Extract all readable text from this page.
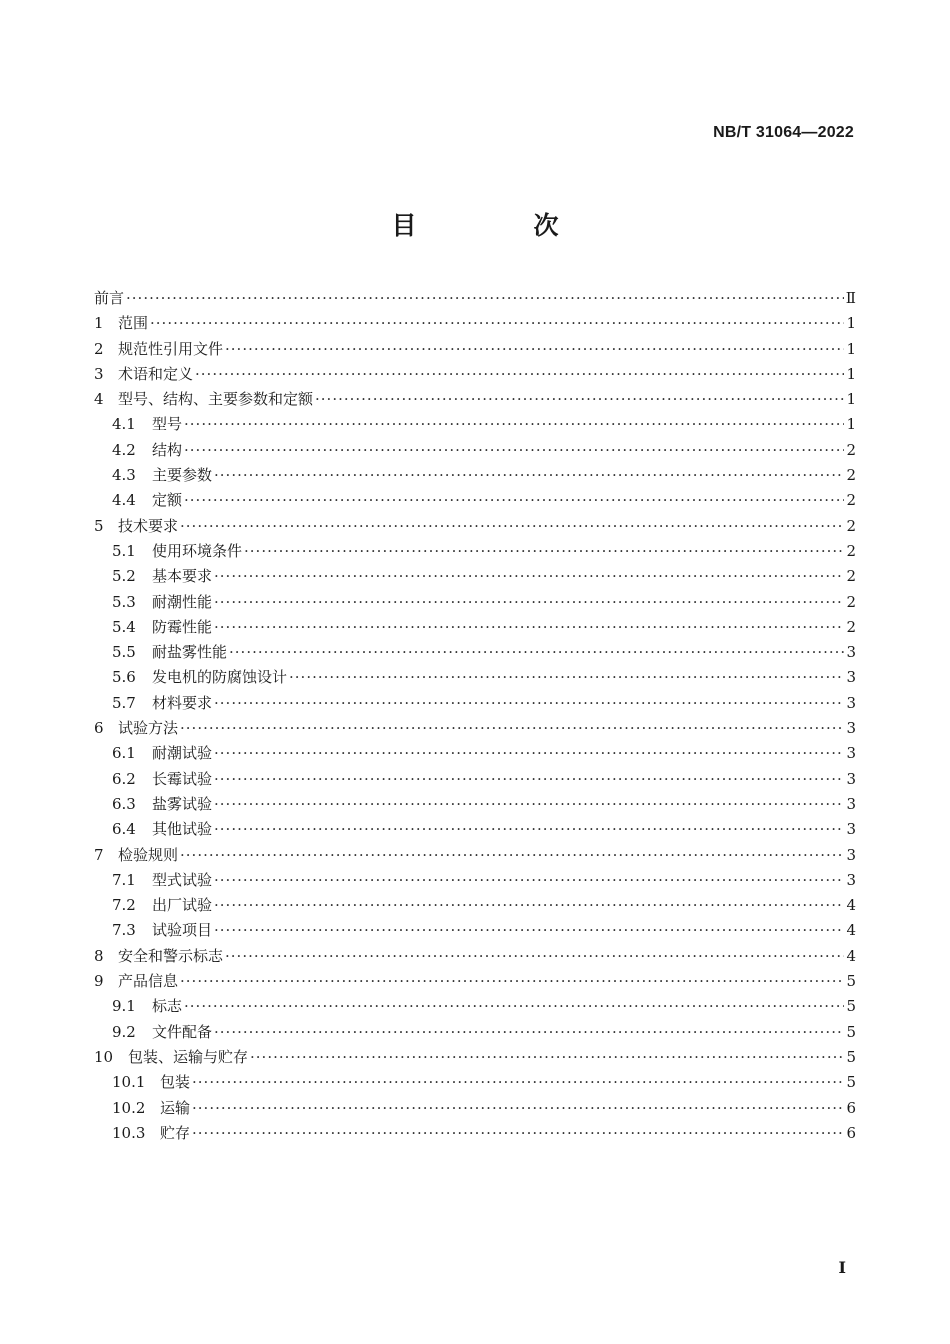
NB/T 31064—2022
目　次
前言 ·····	Ⅱ
1 范围 ·····	1
2 规范性引用文件 ·····	1
3 术语和定义 ·····	1
4 型号、结构、主要参数和定额 ·····	1
4.1	型号 ·····	1
4.2	结构 ·····	2
4.3	主要参数 ·····	2
4.4	定额 ·····	2
5 技术要求 ·····	2
5.1	使用环境条件 ·····	2
5.2	基本要求 ·····	2
5.3	耐潮性能 ·····	2
5.4	防霉性能 ·····	2
5.5	耐盐雾性能 ·····	3
5.6	发电机的防腐蚀设计 ·····	3
5.7	材料要求 ·····	3
6 试验方法 ·····	3
6.1	耐潮试验 ·····	3
6.2	长霉试验 ·····	3
6.3	盐雾试验 ·····	3
6.4	其他试验 ·····	3
7 检验规则 ·····	3
7.1	型式试验 ·····	3
7.2	出厂试验 ·····	4
7.3	试验项目 ·····	4
8 安全和警示标志 ·····	4
9 产品信息 ·····	5
9.1	标志 ·····	5
9.2	文件配备 ·····	5
10 包装、运输与贮存 ·····	5
10.1 包装 ·····	5
10.2 运输 ·····	6
10.3 贮存 ·····	6
I
